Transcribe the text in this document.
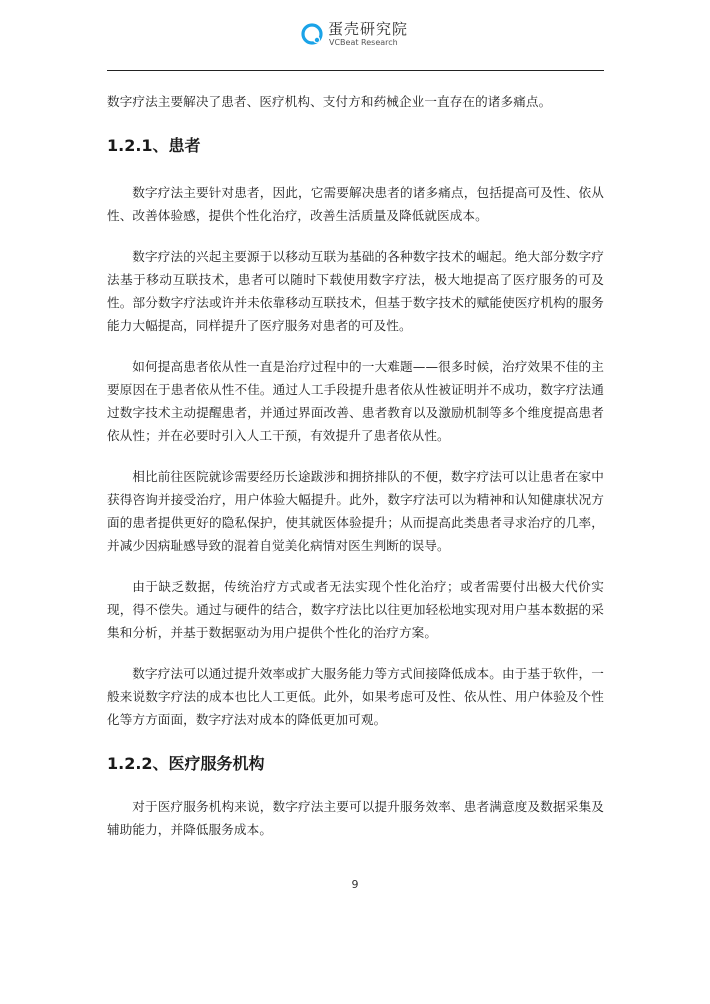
蛋壳研究院
VCBeat Research

数字疗法主要解决了患者、医疗机构、支付方和药械企业一直存在的诸多痛点。

1.2.1、患者

数字疗法主要针对患者，因此，它需要解决患者的诸多痛点，包括提高可及性、依从性、改善体验感，提供个性化治疗，改善生活质量及降低就医成本。

数字疗法的兴起主要源于以移动互联为基础的各种数字技术的崛起。绝大部分数字疗法基于移动互联技术，患者可以随时下载使用数字疗法，极大地提高了医疗服务的可及性。部分数字疗法或许并未依靠移动互联技术，但基于数字技术的赋能使医疗机构的服务能力大幅提高，同样提升了医疗服务对患者的可及性。

如何提高患者依从性一直是治疗过程中的一大难题——很多时候，治疗效果不佳的主要原因在于患者依从性不佳。通过人工手段提升患者依从性被证明并不成功，数字疗法通过数字技术主动提醒患者，并通过界面改善、患者教育以及激励机制等多个维度提高患者依从性；并在必要时引入人工干预，有效提升了患者依从性。

相比前往医院就诊需要经历长途跋涉和拥挤排队的不便，数字疗法可以让患者在家中获得咨询并接受治疗，用户体验大幅提升。此外，数字疗法可以为精神和认知健康状况方面的患者提供更好的隐私保护，使其就医体验提升；从而提高此类患者寻求治疗的几率，并减少因病耻感导致的混着自觉美化病情对医生判断的误导。

由于缺乏数据，传统治疗方式或者无法实现个性化治疗；或者需要付出极大代价实现，得不偿失。通过与硬件的结合，数字疗法比以往更加轻松地实现对用户基本数据的采集和分析，并基于数据驱动为用户提供个性化的治疗方案。

数字疗法可以通过提升效率或扩大服务能力等方式间接降低成本。由于基于软件，一般来说数字疗法的成本也比人工更低。此外，如果考虑可及性、依从性、用户体验及个性化等方方面面，数字疗法对成本的降低更加可观。

1.2.2、医疗服务机构

对于医疗服务机构来说，数字疗法主要可以提升服务效率、患者满意度及数据采集及辅助能力，并降低服务成本。

9
